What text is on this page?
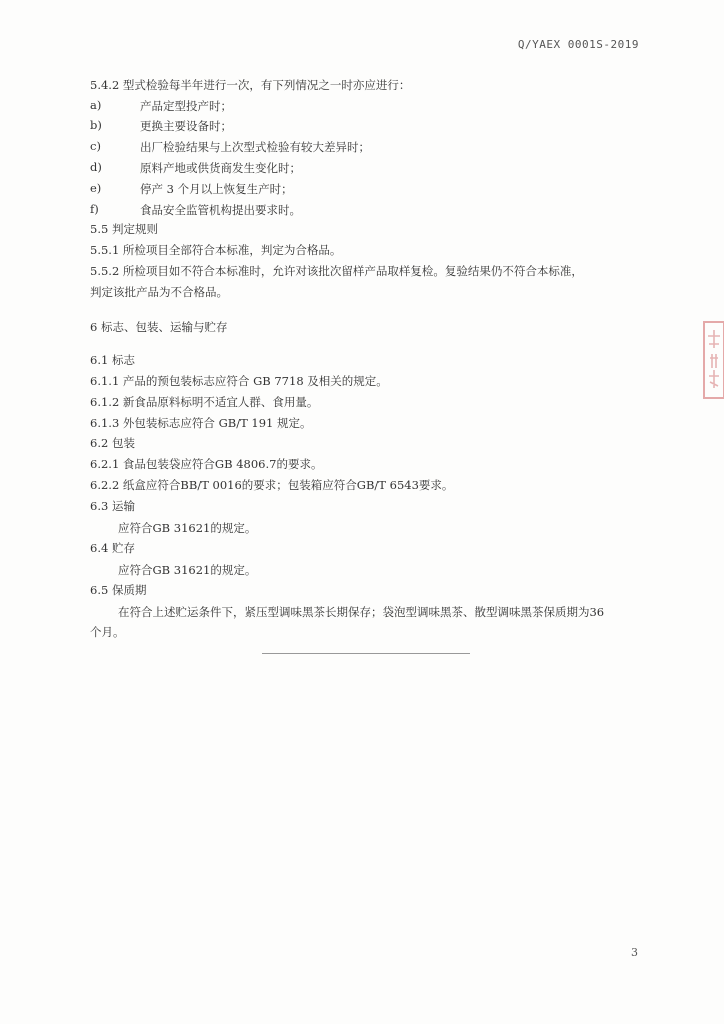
Q/YAEX 0001S-2019
5.4.2 型式检验每半年进行一次，有下列情况之一时亦应进行：
a)	产品定型投产时；
b)	更换主要设备时；
c)	出厂检验结果与上次型式检验有较大差异时；
d)	原料产地或供货商发生变化时；
e)	停产 3 个月以上恢复生产时；
f)	食品安全监管机构提出要求时。
5.5 判定规则
5.5.1 所检项目全部符合本标准，判定为合格品。
5.5.2 所检项目如不符合本标准时，允许对该批次留样产品取样复检。复验结果仍不符合本标准，
判定该批产品为不合格品。
6 标志、包装、运输与贮存
6.1 标志
6.1.1 产品的预包装标志应符合 GB 7718 及相关的规定。
6.1.2 新食品原料标明不适宜人群、食用量。
6.1.3 外包装标志应符合 GB/T 191 规定。
6.2 包装
6.2.1 食品包装袋应符合GB 4806.7的要求。
6.2.2 纸盒应符合BB/T 0016的要求；包装箱应符合GB/T 6543要求。
6.3 运输
应符合GB 31621的规定。
6.4 贮存
应符合GB 31621的规定。
6.5 保质期
在符合上述贮运条件下，紧压型调味黑茶长期保存；袋泡型调味黑茶、散型调味黑茶保质期为36
个月。
3
